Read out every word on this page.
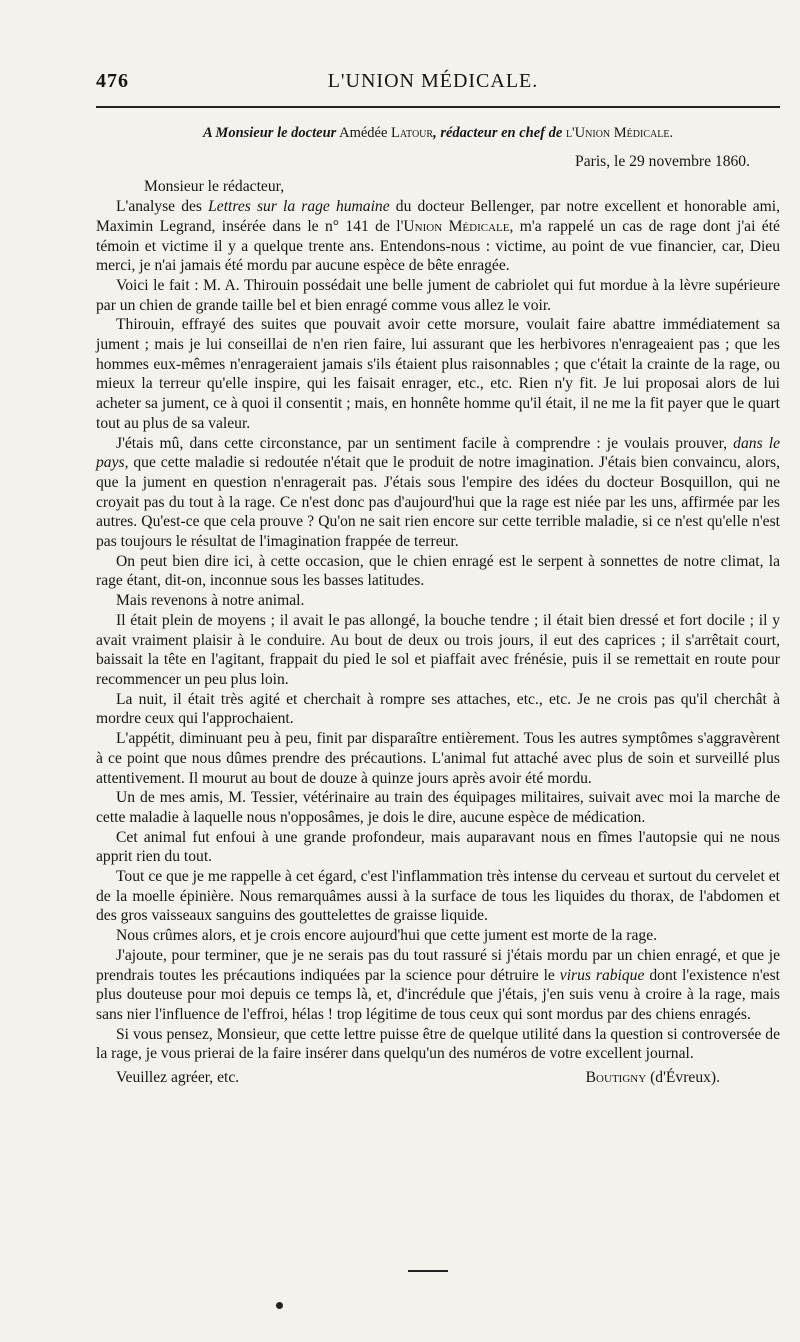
476	L'UNION MÉDICALE.

A Monsieur le docteur Amédée Latour, rédacteur en chef de l'Union Médicale.

Paris, le 29 novembre 1860.

Monsieur le rédacteur,

L'analyse des Lettres sur la rage humaine du docteur Bellenger, par notre excellent et honorable ami, Maximin Legrand, insérée dans le n° 141 de l'Union Médicale, m'a rappelé un cas de rage dont j'ai été témoin et victime il y a quelque trente ans. Entendons-nous : victime, au point de vue financier, car, Dieu merci, je n'ai jamais été mordu par aucune espèce de bête enragée.

Voici le fait : M. A. Thirouin possédait une belle jument de cabriolet qui fut mordue à la lèvre supérieure par un chien de grande taille bel et bien enragé comme vous allez le voir.

Thirouin, effrayé des suites que pouvait avoir cette morsure, voulait faire abattre immédiatement sa jument ; mais je lui conseillai de n'en rien faire, lui assurant que les herbivores n'enrageaient pas ; que les hommes eux-mêmes n'enrageraient jamais s'ils étaient plus raisonnables ; que c'était la crainte de la rage, ou mieux la terreur qu'elle inspire, qui les faisait enrager, etc., etc. Rien n'y fit. Je lui proposai alors de lui acheter sa jument, ce à quoi il consentit ; mais, en honnête homme qu'il était, il ne me la fit payer que le quart tout au plus de sa valeur.

J'étais mû, dans cette circonstance, par un sentiment facile à comprendre : je voulais prouver, dans le pays, que cette maladie si redoutée n'était que le produit de notre imagination. J'étais bien convaincu, alors, que la jument en question n'enragerait pas. J'étais sous l'empire des idées du docteur Bosquillon, qui ne croyait pas du tout à la rage. Ce n'est donc pas d'aujourd'hui que la rage est niée par les uns, affirmée par les autres. Qu'est-ce que cela prouve ? Qu'on ne sait rien encore sur cette terrible maladie, si ce n'est qu'elle n'est pas toujours le résultat de l'imagination frappée de terreur.

On peut bien dire ici, à cette occasion, que le chien enragé est le serpent à sonnettes de notre climat, la rage étant, dit-on, inconnue sous les basses latitudes.

Mais revenons à notre animal.

Il était plein de moyens ; il avait le pas allongé, la bouche tendre ; il était bien dressé et fort docile ; il y avait vraiment plaisir à le conduire. Au bout de deux ou trois jours, il eut des caprices ; il s'arrêtait court, baissait la tête en l'agitant, frappait du pied le sol et piaffait avec frénésie, puis il se remettait en route pour recommencer un peu plus loin.

La nuit, il était très agité et cherchait à rompre ses attaches, etc., etc. Je ne crois pas qu'il cherchât à mordre ceux qui l'approchaient.

L'appétit, diminuant peu à peu, finit par disparaître entièrement. Tous les autres symptômes s'aggravèrent à ce point que nous dûmes prendre des précautions. L'animal fut attaché avec plus de soin et surveillé plus attentivement. Il mourut au bout de douze à quinze jours après avoir été mordu.

Un de mes amis, M. Tessier, vétérinaire au train des équipages militaires, suivait avec moi la marche de cette maladie à laquelle nous n'opposâmes, je dois le dire, aucune espèce de médication.

Cet animal fut enfoui à une grande profondeur, mais auparavant nous en fîmes l'autopsie qui ne nous apprit rien du tout.

Tout ce que je me rappelle à cet égard, c'est l'inflammation très intense du cerveau et surtout du cervelet et de la moelle épinière. Nous remarquâmes aussi à la surface de tous les liquides du thorax, de l'abdomen et des gros vaisseaux sanguins des gouttelettes de graisse liquide.

Nous crûmes alors, et je crois encore aujourd'hui que cette jument est morte de la rage.

J'ajoute, pour terminer, que je ne serais pas du tout rassuré si j'étais mordu par un chien enragé, et que je prendrais toutes les précautions indiquées par la science pour détruire le virus rabique dont l'existence n'est plus douteuse pour moi depuis ce temps là, et, d'incrédule que j'étais, j'en suis venu à croire à la rage, mais sans nier l'influence de l'effroi, hélas ! trop légitime de tous ceux qui sont mordus par des chiens enragés.

Si vous pensez, Monsieur, que cette lettre puisse être de quelque utilité dans la question si controversée de la rage, je vous prierai de la faire insérer dans quelqu'un des numéros de votre excellent journal.

Veuillez agréer, etc.	Boutigny (d'Évreux).
